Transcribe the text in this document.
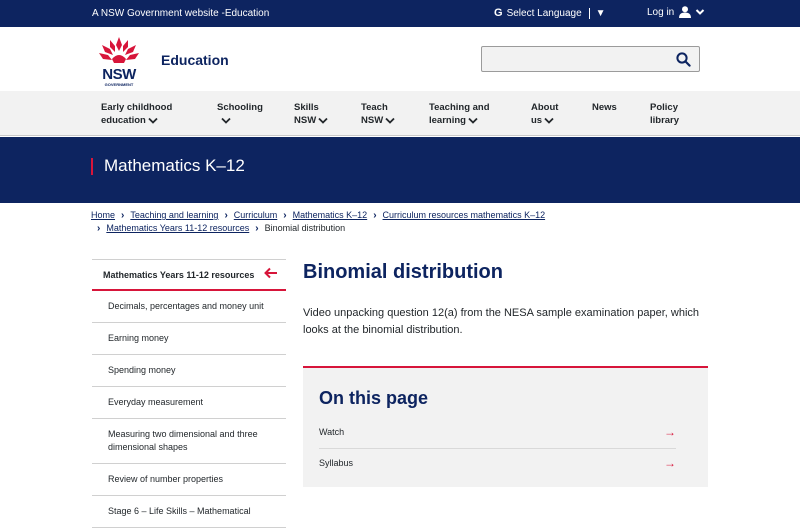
A NSW Government website -Education	G Select Language ▼	Log in
NSW
GOVERNMENT
Education
Early childhood
education
Schooling	Skills
NSW
Teach
NSW
Teaching and
learning
About
us
News	Policy
library
Mathematics K–12
Home › Teaching and learning › Curriculum › Mathematics K–12 › Curriculum resources mathematics K–12› Mathematics Years 11-12 resources › Binomial distribution
Mathematics Years 11-12 resources
Decimals, percentages and money unit
Earning money
Spending money
Everyday measurement
Measuring two dimensional and three dimensional shapes
Review of number properties
Stage 6 – Life Skills – Mathematical
Binomial distribution

Video unpacking question 12(a) from the NESA sample examination paper, which looks at the binomial distribution.

On this page
Watch	→
Syllabus	→
